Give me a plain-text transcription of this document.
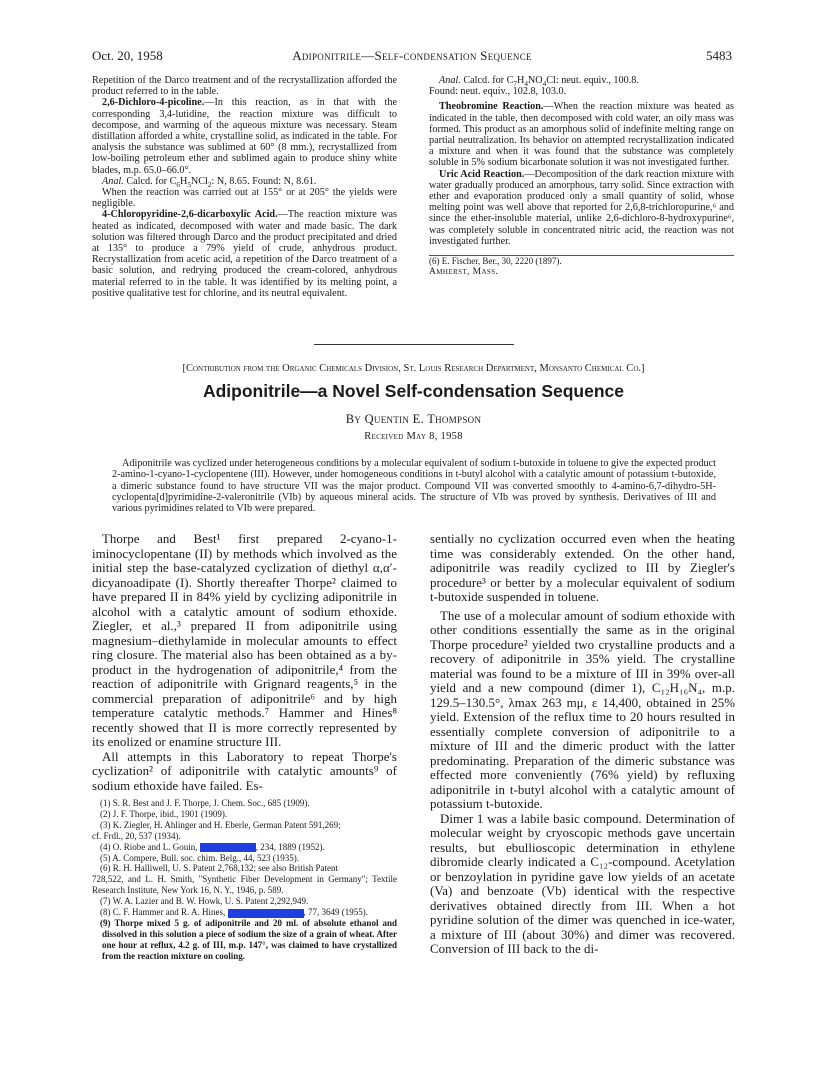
Oct. 20, 1958	Adiponitrile—Self-condensation Sequence	5483

Repetition of the Darco treatment and of the recrystallization afforded the product referred to in the table.

2,6-Dichloro-4-picoline.—In this reaction, as in that with the corresponding 3,4-lutidine, the reaction mixture was difficult to decompose, and warming of the aqueous mixture was necessary. Steam distillation afforded a white, crystalline solid, as indicated in the table. For analysis the substance was sublimed at 60° (8 mm.), recrystallized from low-boiling petroleum ether and sublimed again to produce shiny white blades, m.p. 65.0–66.0°.

Anal. Calcd. for $C_6H_5NCl_2$: N, 8.65. Found: N, 8.61.

When the reaction was carried out at 155° or at 205° the yields were negligible.

4-Chloropyridine-2,6-dicarboxylic Acid.—The reaction mixture was heated as indicated, decomposed with water and made basic. The dark solution was filtered through Darco and the product precipitated and dried at 135° to produce a 79% yield of crude, anhydrous product. Recrystallization from acetic acid, a repetition of the Darco treatment of a basic solution, and redrying produced the cream-colored, anhydrous material referred to in the table. It was identified by its melting point, a positive qualitative test for chlorine, and its neutral equivalent.

Anal. Calcd. for $C_7H_4NO_4Cl$: neut. equiv., 100.8.

Found: neut. equiv., 102.8, 103.0.

Theobromine Reaction.—When the reaction mixture was heated as indicated in the table, then decomposed with cold water, an oily mass was formed. This product as an amorphous solid of indefinite melting range on partial neutralization. Its behavior on attempted recrystallization indicated a mixture and when it was found that the substance was completely soluble in 5% sodium bicarbonate solution it was not investigated further.

Uric Acid Reaction.—Decomposition of the dark reaction mixture with water gradually produced an amorphous, tarry solid. Since extraction with ether and evaporation produced only a small quantity of solid, whose melting point was well above that reported for 2,6,8-trichloropurine,⁶ and since the ether-insoluble material, unlike 2,6-dichloro-8-hydroxypurine⁶, was completely soluble in concentrated nitric acid, the reaction was not investigated further.

(6) E. Fischer, Ber., 30, 2220 (1897).

Amherst, Mass.

[Contribution from the Organic Chemicals Division, St. Louis Research Department, Monsanto Chemical Co.]
Adiponitrile—a Novel Self-condensation Sequence
By Quentin E. Thompson
Received May 8, 1958

Adiponitrile was cyclized under heterogeneous conditions by a molecular equivalent of sodium t-butoxide in toluene to give the expected product 2-amino-1-cyano-1-cyclopentene (III). However, under homogeneous conditions in t-butyl alcohol with a catalytic amount of potassium t-butoxide, a dimeric substance found to have structure VII was the major product. Compound VII was converted smoothly to 4-amino-6,7-dihydro-5H-cyclopenta[d]pyrimidine-2-valeronitrile (VIb) by aqueous mineral acids. The structure of VIb was proved by synthesis. Derivatives of III and various pyrimidines related to VIb were prepared.

Thorpe and Best¹ first prepared 2-cyano-1-iminocyclopentane (II) by methods which involved as the initial step the base-catalyzed cyclization of diethyl α,α′-dicyanoadipate (I). Shortly thereafter Thorpe² claimed to have prepared II in 84% yield by cyclizing adiponitrile in alcohol with a catalytic amount of sodium ethoxide. Ziegler, et al.,³ prepared II from adiponitrile using magnesium–diethylamide in molecular amounts to effect ring closure. The material also has been obtained as a by-product in the hydrogenation of adiponitrile,⁴ from the reaction of adiponitrile with Grignard reagents,⁵ in the commercial preparation of adiponitrile⁶ and by high temperature catalytic methods.⁷ Hammer and Hines⁸ recently showed that II is more correctly represented by its enolized or enamine structure III.

All attempts in this Laboratory to repeat Thorpe's cyclization² of adiponitrile with catalytic amounts⁹ of sodium ethoxide have failed. Es-

(1) S. R. Best and J. F. Thorpe, J. Chem. Soc., 685 (1909).

(2) J. F. Thorpe, ibid., 1901 (1909).

(3) K. Ziegler, H. Ahlinger and H. Eberle, German Patent 591,269;

cf. Frdl., 20, 537 (1934).

(4) O. Riobe and L. Gouin,	, 234, 1889 (1952).

(5) A. Compere, Bull. soc. chim. Belg., 44, 523 (1935).

(6) R. H. Halliwell, U. S. Patent 2,768,132; see also British Patent

728,522, and L. H. Smith, "Synthetic Fiber Development in Germany"; Textile Research Institute, New York 16, N. Y., 1946, p. 589.

(7) W. A. Lazier and B. W. Howk, U. S. Patent 2,292,949.

(8) C. F. Hammer and R. A. Hines,	, 77, 3649 (1955).

(9) Thorpe mixed 5 g. of adiponitrile and 20 ml. of absolute ethanol and dissolved in this solution a piece of sodium the size of a grain of wheat. After one hour at reflux, 4.2 g. of III, m.p. 147°, was claimed to have crystallized from the reaction mixture on cooling.

sentially no cyclization occurred even when the heating time was considerably extended. On the other hand, adiponitrile was readily cyclized to III by Ziegler's procedure³ or better by a molecular equivalent of sodium t-butoxide suspended in toluene.

The use of a molecular amount of sodium ethoxide with other conditions essentially the same as in the original Thorpe procedure² yielded two crystalline products and a recovery of adiponitrile in 35% yield. The crystalline material was found to be a mixture of III in 39% over-all yield and a new compound (dimer 1), C₁₂H₁₆N₄, m.p. 129.5–130.5°, λmax 263 mμ, ε 14,400, obtained in 25% yield. Extension of the reflux time to 20 hours resulted in essentially complete conversion of adiponitrile to a mixture of III and the dimeric product with the latter predominating. Preparation of the dimeric substance was effected more conveniently (76% yield) by refluxing adiponitrile in t-butyl alcohol with a catalytic amount of potassium t-butoxide.

Dimer 1 was a labile basic compound. Determination of molecular weight by cryoscopic methods gave uncertain results, but ebullioscopic determination in ethylene dibromide clearly indicated a C₁₂-compound. Acetylation or benzoylation in pyridine gave low yields of an acetate (Va) and benzoate (Vb) identical with the respective derivatives obtained directly from III. When a hot pyridine solution of the dimer was quenched in ice-water, a mixture of III (about 30%) and dimer was recovered. Conversion of III back to the di-
